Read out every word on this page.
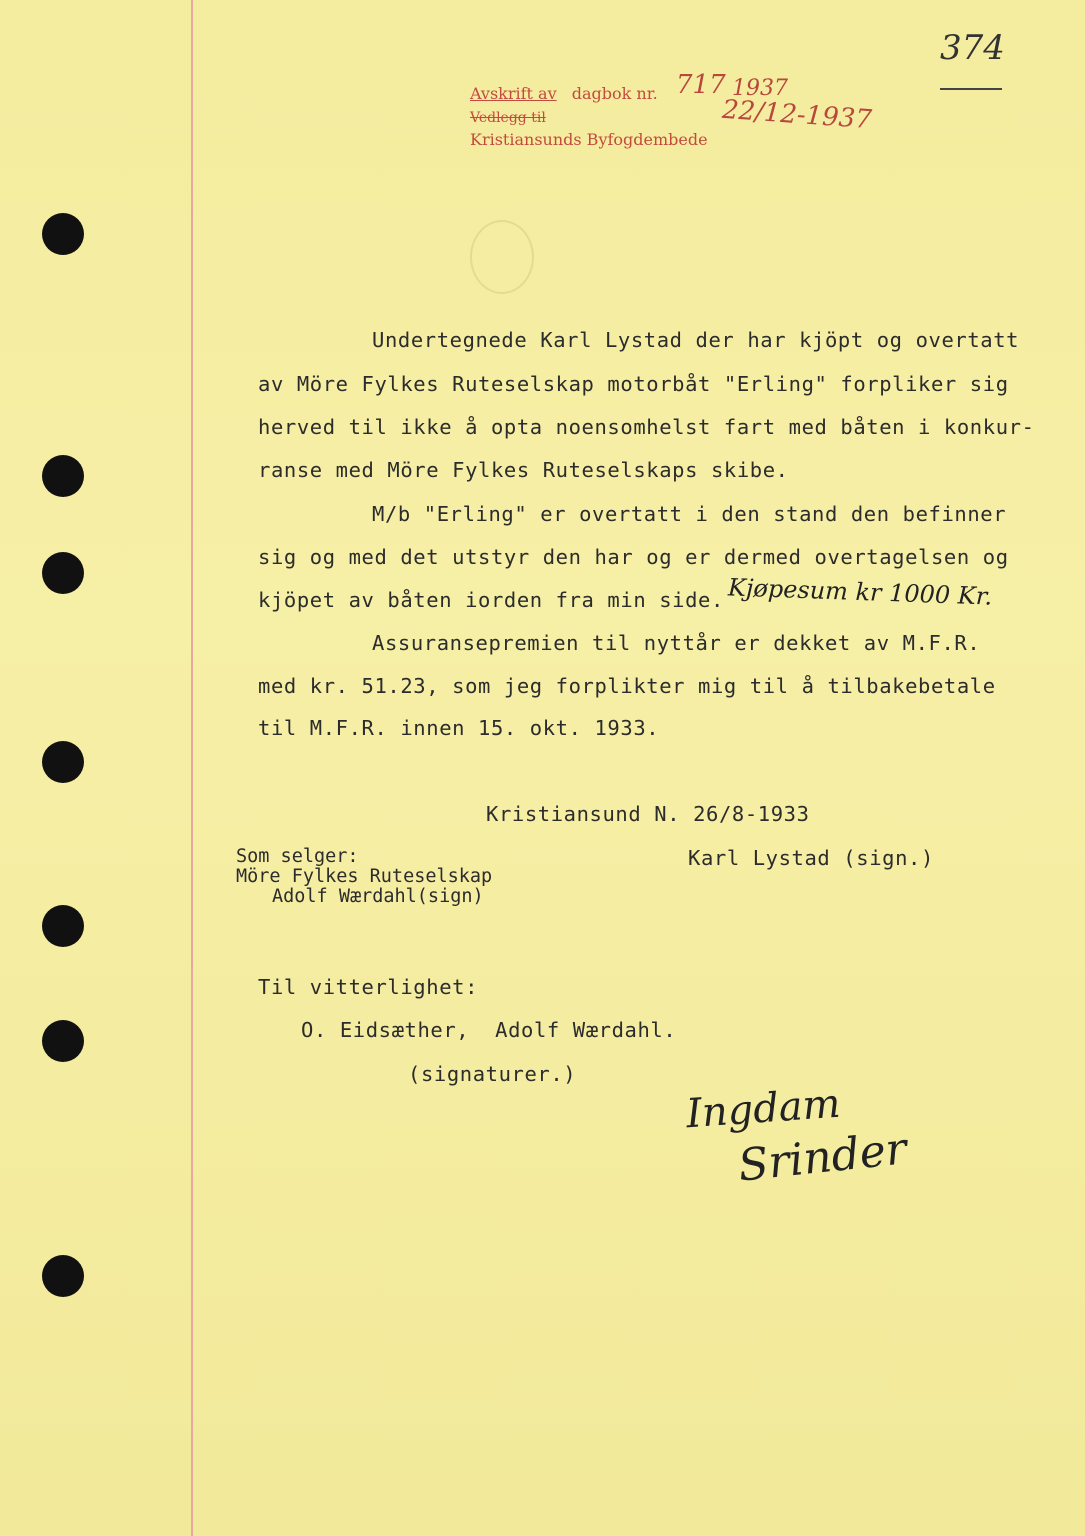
Avskrift av dagbok nr. 717 1937
Vedlegg til
Kristiansunds Byfogdembede
22/12-1937
374
Undertegnede Karl Lystad der har kjöpt og overtatt
av Möre Fylkes Ruteselskap motorbåt "Erling" forpliker sig
herved til ikke å opta noensomhelst fart med båten i konkur-
ranse med Möre Fylkes Ruteselskaps skibe.
M/b "Erling" er overtatt i den stand den befinner
sig og med det utstyr den har og er dermed overtagelsen og
kjöpet av båten iorden fra min side. Kjøpesum kr 1000 Kr.
Assuransepremien til nyttår er dekket av M.F.R.
med kr. 51.23, som jeg forplikter mig til å tilbakebetale
til M.F.R. innen 15. okt. 1933.
Kristiansund N. 26/8-1933
Karl Lystad (sign.)
Som selger:
Möre Fylkes Ruteselskap
Adolf Wærdahl(sign)
Til vitterlighet:
O. Eidsæther,  Adolf Wærdahl.
(signaturer.)
Ingdam
Srinder
